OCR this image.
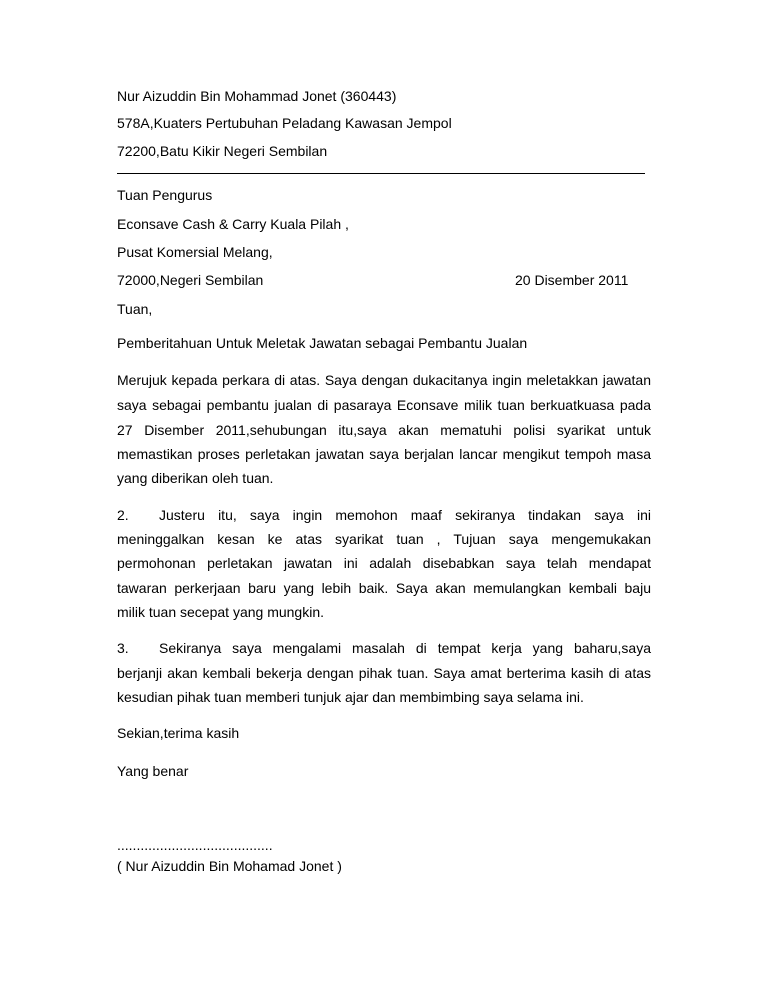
Nur Aizuddin Bin Mohammad Jonet (360443)
578A,Kuaters Pertubuhan Peladang Kawasan Jempol
72200,Batu Kikir Negeri Sembilan
Tuan Pengurus
Econsave Cash & Carry Kuala Pilah ,
Pusat Komersial Melang,
72000,Negeri Sembilan	20 Disember 2011
Tuan,
Pemberitahuan Untuk Meletak Jawatan sebagai Pembantu Jualan
Merujuk kepada perkara di atas. Saya dengan dukacitanya ingin meletakkan jawatan
saya sebagai pembantu jualan di pasaraya Econsave milik tuan berkuatkuasa pada
27 Disember 2011,sehubungan itu,saya akan mematuhi polisi syarikat untuk
memastikan proses perletakan jawatan saya berjalan lancar mengikut tempoh masa
yang diberikan oleh tuan.
2. Justeru itu, saya ingin memohon maaf sekiranya tindakan saya ini
meninggalkan kesan ke atas syarikat tuan , Tujuan saya mengemukakan
permohonan perletakan jawatan ini adalah disebabkan saya telah mendapat
tawaran perkerjaan baru yang lebih baik. Saya akan memulangkan kembali baju
milik tuan secepat yang mungkin.
3. Sekiranya saya mengalami masalah di tempat kerja yang baharu,saya
berjanji akan kembali bekerja dengan pihak tuan. Saya amat berterima kasih di atas
kesudian pihak tuan memberi tunjuk ajar dan membimbing saya selama ini.
Sekian,terima kasih
Yang benar
........................................
( Nur Aizuddin Bin Mohamad Jonet )
